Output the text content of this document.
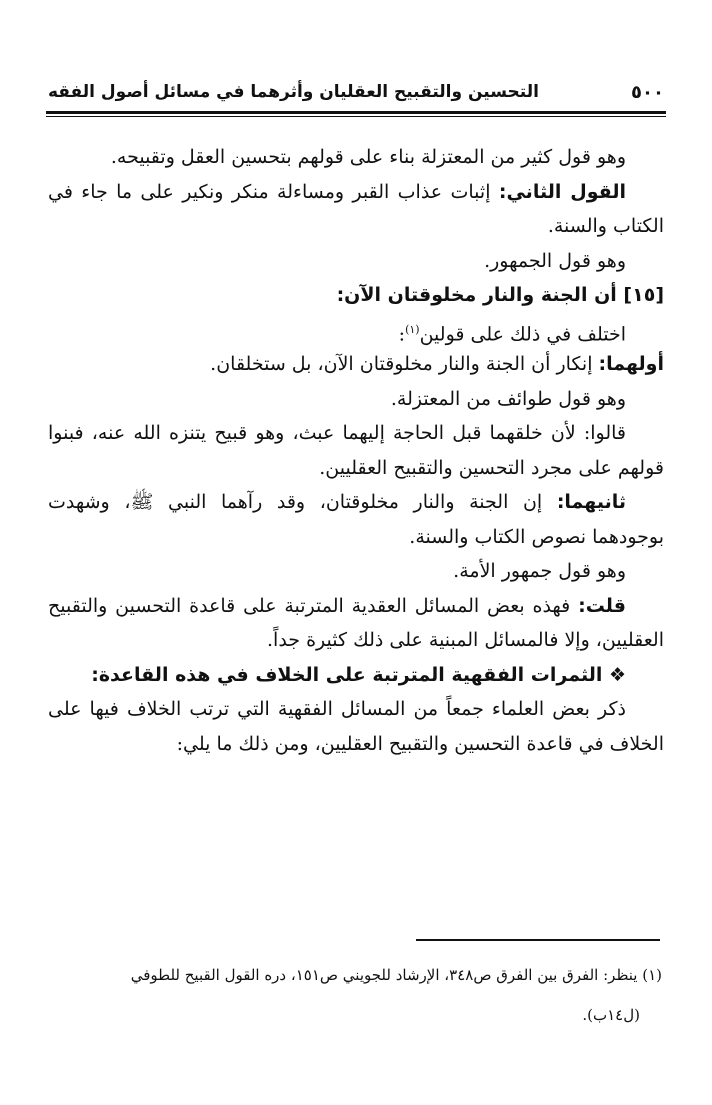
٥٠٠
التحسين والتقبيح العقليان وأثرهما في مسائل أصول الفقه
وهو قول كثير من المعتزلة بناء على قولهم بتحسين العقل وتقبيحه.
القول الثاني: إثبات عذاب القبر ومساءلة منكر ونكير على ما جاء في
الكتاب والسنة.
وهو قول الجمهور.
[١٥] أن الجنة والنار مخلوقتان الآن:
اختلف في ذلك على قولين$^{(١)}$:
أولهما: إنكار أن الجنة والنار مخلوقتان الآن، بل ستخلقان.
وهو قول طوائف من المعتزلة.
قالوا: لأن خلقهما قبل الحاجة إليهما عبث، وهو قبيح يتنزه الله عنه، فبنوا
قولهم على مجرد التحسين والتقبيح العقليين.
ثانيهما: إن الجنة والنار مخلوقتان، وقد رآهما النبي ﷺ، وشهدت
بوجودهما نصوص الكتاب والسنة.
وهو قول جمهور الأمة.
قلت: فهذه بعض المسائل العقدية المترتبة على قاعدة التحسين والتقبيح
العقليين، وإلا فالمسائل المبنية على ذلك كثيرة جداً.
❖ الثمرات الفقهية المترتبة على الخلاف في هذه القاعدة:
ذكر بعض العلماء جمعاً من المسائل الفقهية التي ترتب الخلاف فيها على
الخلاف في قاعدة التحسين والتقبيح العقليين، ومن ذلك ما يلي:
(١) ينظر: الفرق بين الفرق ص٣٤٨، الإرشاد للجويني ص١٥١، دره القول القبيح للطوفي
(ل١٤ب).
